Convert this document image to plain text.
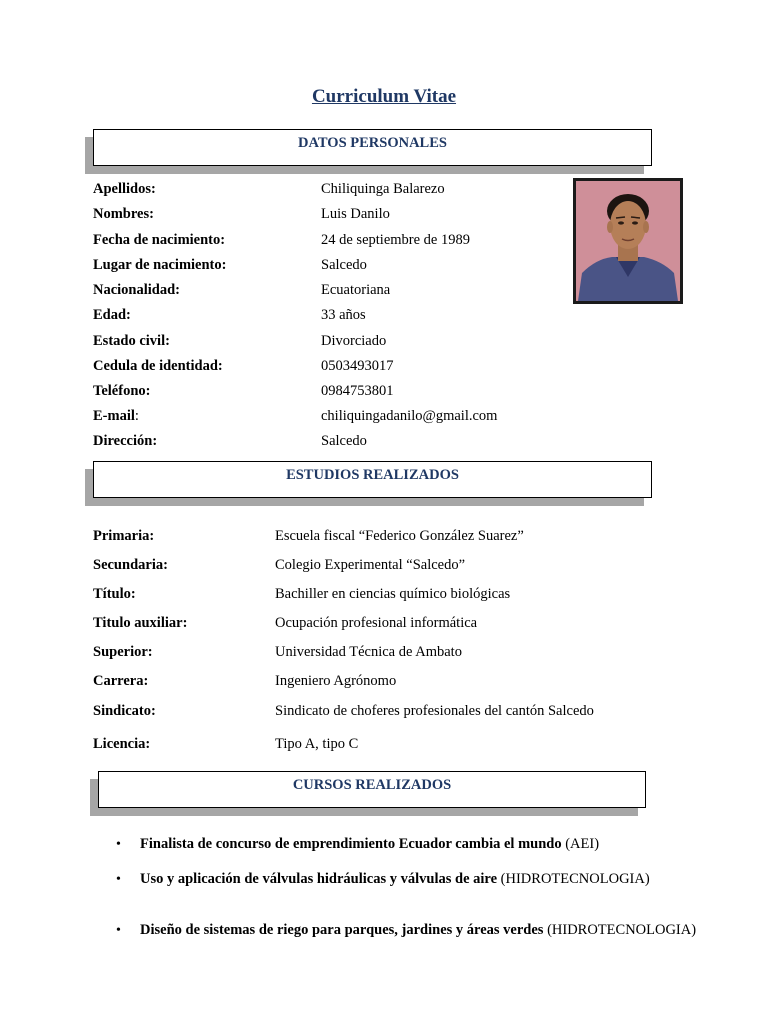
Curriculum Vitae
DATOS PERSONALES
Apellidos:	Chiliquinga Balarezo
Nombres:	Luis Danilo
Fecha de nacimiento:	24 de septiembre de 1989
Lugar de nacimiento:	Salcedo
Nacionalidad:	Ecuatoriana
Edad:	33 años
Estado civil:	Divorciado
Cedula de identidad:	0503493017
Teléfono:	0984753801
E-mail:	chiliquingadanilo@gmail.com
Dirección:	Salcedo
ESTUDIOS REALIZADOS
Primaria:	Escuela fiscal “Federico González Suarez”
Secundaria:	Colegio Experimental “Salcedo”
Título:	Bachiller en ciencias químico biológicas
Titulo auxiliar:	Ocupación profesional informática
Superior:	Universidad Técnica de Ambato
Carrera:	Ingeniero Agrónomo
Sindicato:	Sindicato de choferes profesionales del cantón Salcedo
Licencia:	Tipo A, tipo C
CURSOS REALIZADOS
• Finalista de concurso de emprendimiento Ecuador cambia el mundo (AEI)
• Uso y aplicación de válvulas hidráulicas y válvulas de aire (HIDROTECNOLOGIA)
• Diseño de sistemas de riego para parques, jardines y áreas verdes (HIDROTECNOLOGIA)
